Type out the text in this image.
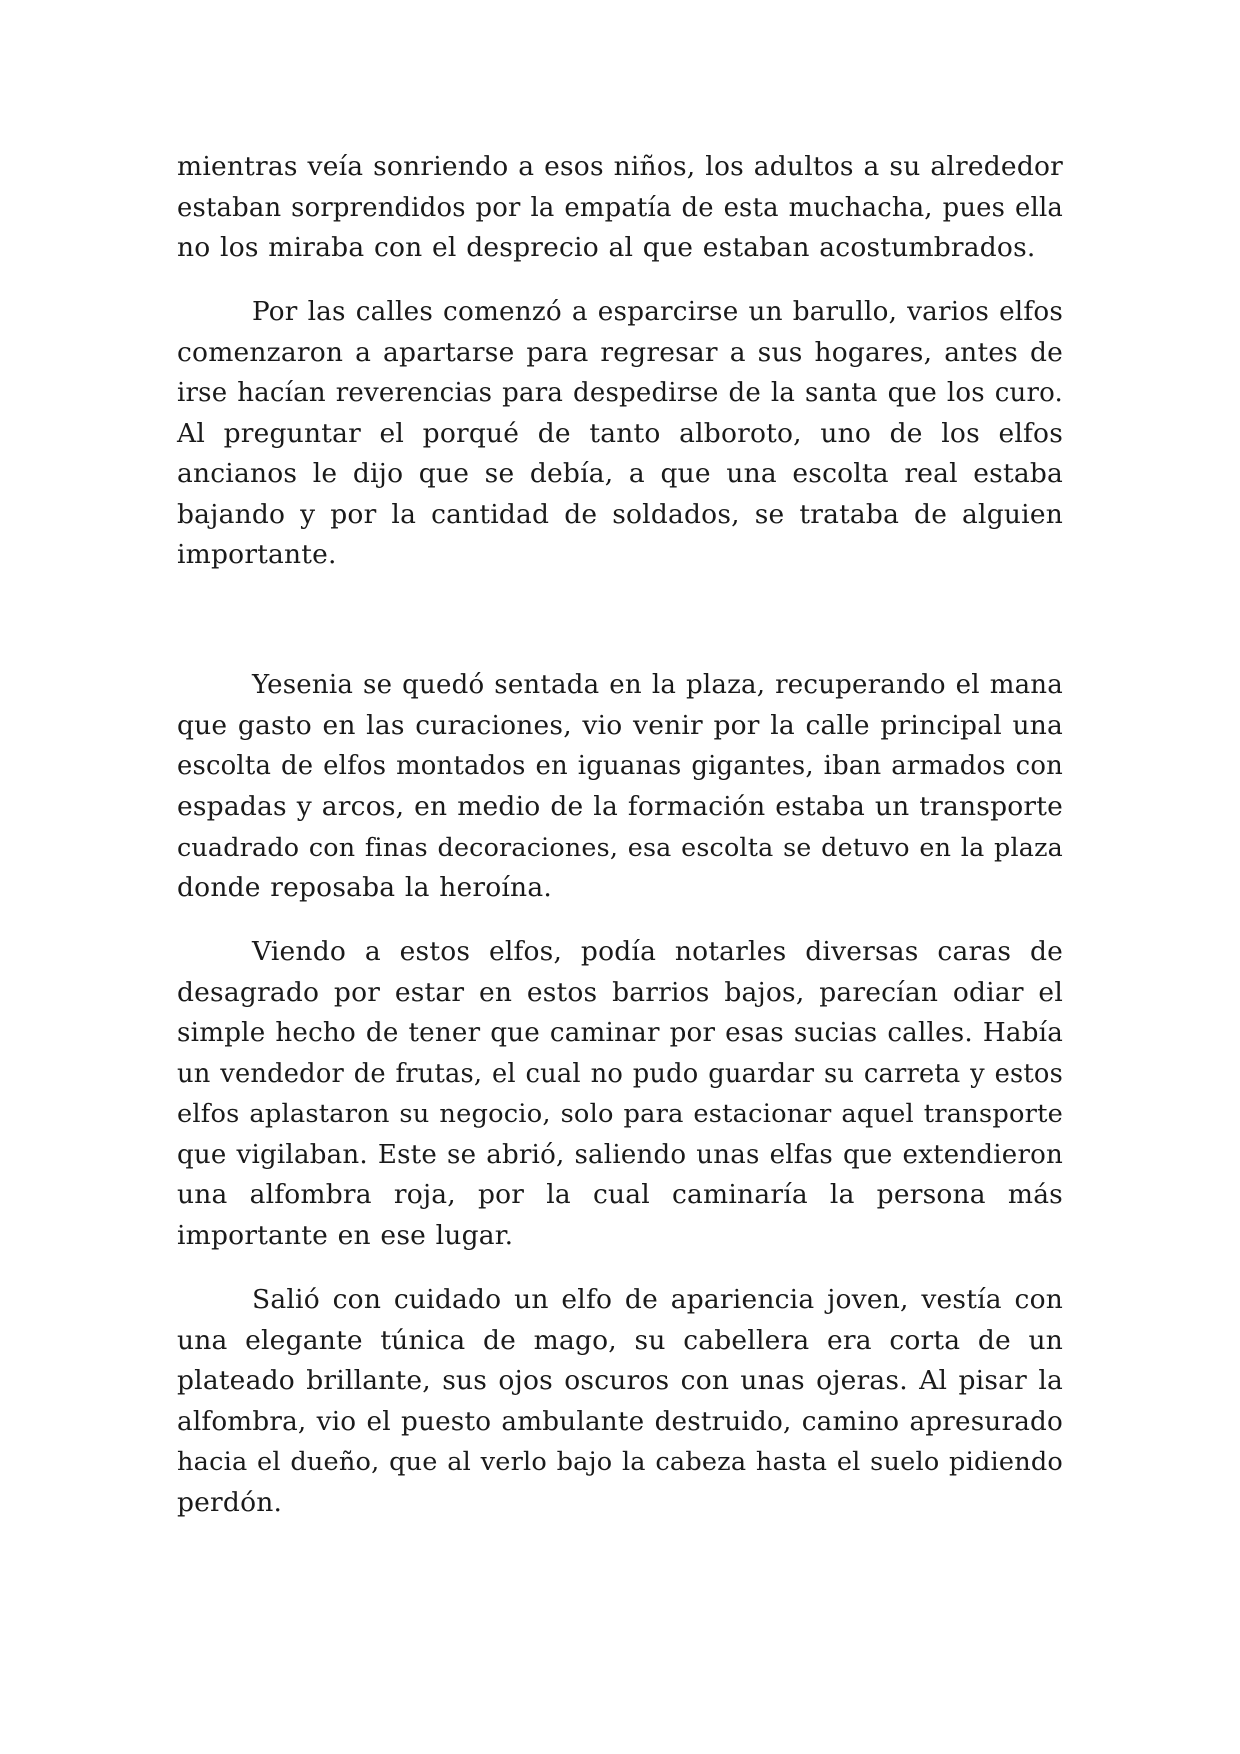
mientras veía sonriendo a esos niños, los adultos a su alrededor
estaban sorprendidos por la empatía de esta muchacha, pues ella
no los miraba con el desprecio al que estaban acostumbrados.
Por las calles comenzó a esparcirse un barullo, varios elfos
comenzaron a apartarse para regresar a sus hogares, antes de
irse hacían reverencias para despedirse de la santa que los curo.
Al preguntar el porqué de tanto alboroto, uno de los elfos
ancianos le dijo que se debía, a que una escolta real estaba
bajando y por la cantidad de soldados, se trataba de alguien
importante.
Yesenia se quedó sentada en la plaza, recuperando el mana
que gasto en las curaciones, vio venir por la calle principal una
escolta de elfos montados en iguanas gigantes, iban armados con
espadas y arcos, en medio de la formación estaba un transporte
cuadrado con finas decoraciones, esa escolta se detuvo en la plaza
donde reposaba la heroína.
Viendo a estos elfos, podía notarles diversas caras de
desagrado por estar en estos barrios bajos, parecían odiar el
simple hecho de tener que caminar por esas sucias calles. Había
un vendedor de frutas, el cual no pudo guardar su carreta y estos
elfos aplastaron su negocio, solo para estacionar aquel transporte
que vigilaban. Este se abrió, saliendo unas elfas que extendieron
una alfombra roja, por la cual caminaría la persona más
importante en ese lugar.
Salió con cuidado un elfo de apariencia joven, vestía con
una elegante túnica de mago, su cabellera era corta de un
plateado brillante, sus ojos oscuros con unas ojeras. Al pisar la
alfombra, vio el puesto ambulante destruido, camino apresurado
hacia el dueño, que al verlo bajo la cabeza hasta el suelo pidiendo
perdón.
